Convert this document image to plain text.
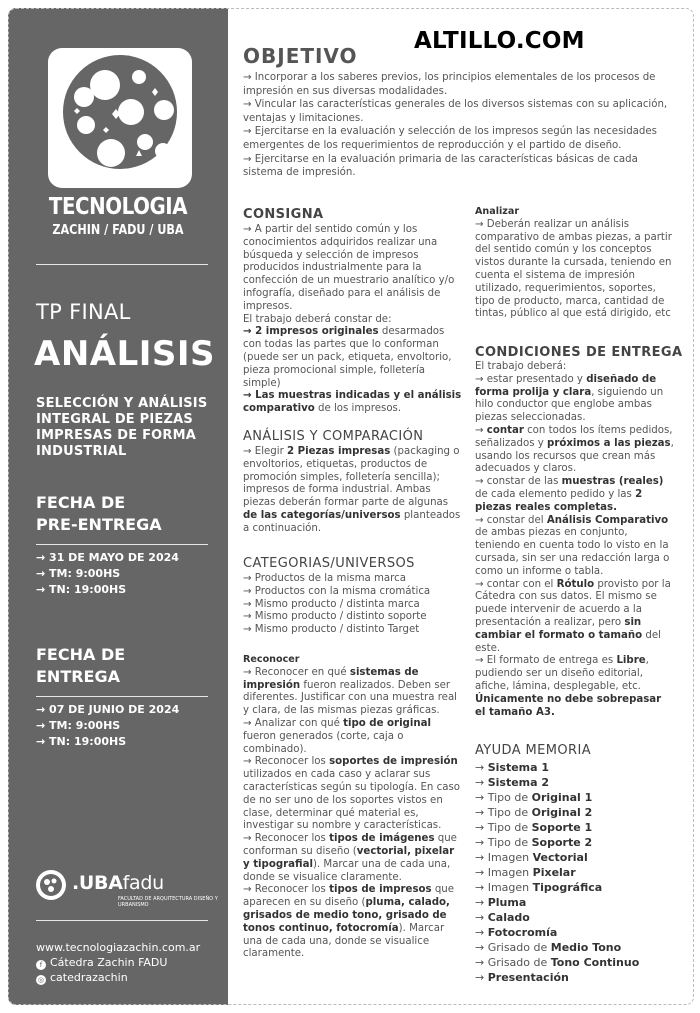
TECNOLOGIA
ZACHIN / FADU / UBA
TP FINAL
ANÁLISIS
SELECCIÓN Y ANÁLISIS INTEGRAL DE PIEZAS IMPRESAS DE FORMA INDUSTRIAL
FECHA DE
PRE-ENTREGA
→ 31 DE MAYO DE 2024
→ TM: 9:00HS
→ TN: 19:00HS
FECHA DE
ENTREGA
→ 07 DE JUNIO DE 2024
→ TM: 9:00HS
→ TN: 19:00HS
.UBAfadu
FACULTAD DE ARQUITECTURA DISEÑO Y URBANISMO
www.tecnologiazachin.com.ar
f Cátedra Zachin FADU
◎ catedrazachin
ALTILLO.COM
OBJETIVO
→ Incorporar a los saberes previos, los principios elementales de los procesos de impresión en sus diversas modalidades.
→ Vincular las características generales de los diversos sistemas con su aplicación, ventajas y limitaciones.
→ Ejercitarse en la evaluación y selección de los impresos según las necesidades emergentes de los requerimientos de reproducción y el partido de diseño.
→ Ejercitarse en la evaluación primaria de las características básicas de cada sistema de impresión.
CONSIGNA

→ A partir del sentido común y los conocimientos adquiridos realizar una búsqueda y selección de impresos producidos industrialmente para la confección de un muestrario analítico y/o infografía, diseñado para el análisis de impresos.

El trabajo deberá constar de:

→ 2 impresos originales desarmados con todas las partes que lo conforman (puede ser un pack, etiqueta, envoltorio, pieza promocional simple, folletería simple)

→ Las muestras indicadas y el análisis comparativo de los impresos.

ANÁLISIS Y COMPARACIÓN

→ Elegir 2 Piezas impresas (packaging o envoltorios, etiquetas, productos de promoción simples, folletería sencilla); impresos de forma industrial. Ambas piezas deberán formar parte de algunas de las categorías/universos planteados a continuación.

CATEGORIAS/UNIVERSOS
→ Productos de la misma marca
→ Productos con la misma cromática
→ Mismo producto / distinta marca
→ Mismo producto / distinto soporte
→ Mismo producto / distinto Target

Reconocer

→ Reconocer en qué sistemas de impresión fueron realizados. Deben ser diferentes. Justificar con una muestra real y clara, de las mismas piezas gráficas.

→ Analizar con qué tipo de original fueron generados (corte, caja o combinado).

→ Reconocer los soportes de impresión utilizados en cada caso y aclarar sus características según su tipología. En caso de no ser uno de los soportes vistos en clase, determinar qué material es, investigar su nombre y características.

→ Reconocer los tipos de imágenes que conforman su diseño (vectorial, pixelar y tipografial). Marcar una de cada una, donde se visualice claramente.

→ Reconocer los tipos de impresos que aparecen en su diseño (pluma, calado, grisados de medio tono, grisado de tonos continuo, fotocromía). Marcar una de cada una, donde se visualice claramente.

Analizar

→ Deberán realizar un análisis comparativo de ambas piezas, a partir del sentido común y los conceptos vistos durante la cursada, teniendo en cuenta el sistema de impresión utilizado, requerimientos, soportes, tipo de producto, marca, cantidad de tintas, público al que está dirigido, etc

CONDICIONES DE ENTREGA

El trabajo deberá:

→ estar presentado y diseñado de forma prolija y clara, siguiendo un hilo conductor que englobe ambas piezas seleccionadas.

→ contar con todos los ítems pedidos, señalizados y próximos a las piezas, usando los recursos que crean más adecuados y claros.

→ constar de las muestras (reales) de cada elemento pedido y las 2 piezas reales completas.

→ constar del Análisis Comparativo de ambas piezas en conjunto, teniendo en cuenta todo lo visto en la cursada, sin ser una redacción larga o como un informe o tabla.

→ contar con el Rótulo provisto por la Cátedra con sus datos. El mismo se puede intervenir de acuerdo a la presentación a realizar, pero sin cambiar el formato o tamaño del este.

→ El formato de entrega es Libre, pudiendo ser un diseño editorial, afiche, lámina, desplegable, etc. Únicamente no debe sobrepasar el tamaño A3.

AYUDA MEMORIA
→ Sistema 1
→ Sistema 2
→ Tipo de Original 1
→ Tipo de Original 2
→ Tipo de Soporte 1
→ Tipo de Soporte 2
→ Imagen Vectorial
→ Imagen Pixelar
→ Imagen Tipográfica
→ Pluma
→ Calado
→ Fotocromía
→ Grisado de Medio Tono
→ Grisado de Tono Continuo
→ Presentación
